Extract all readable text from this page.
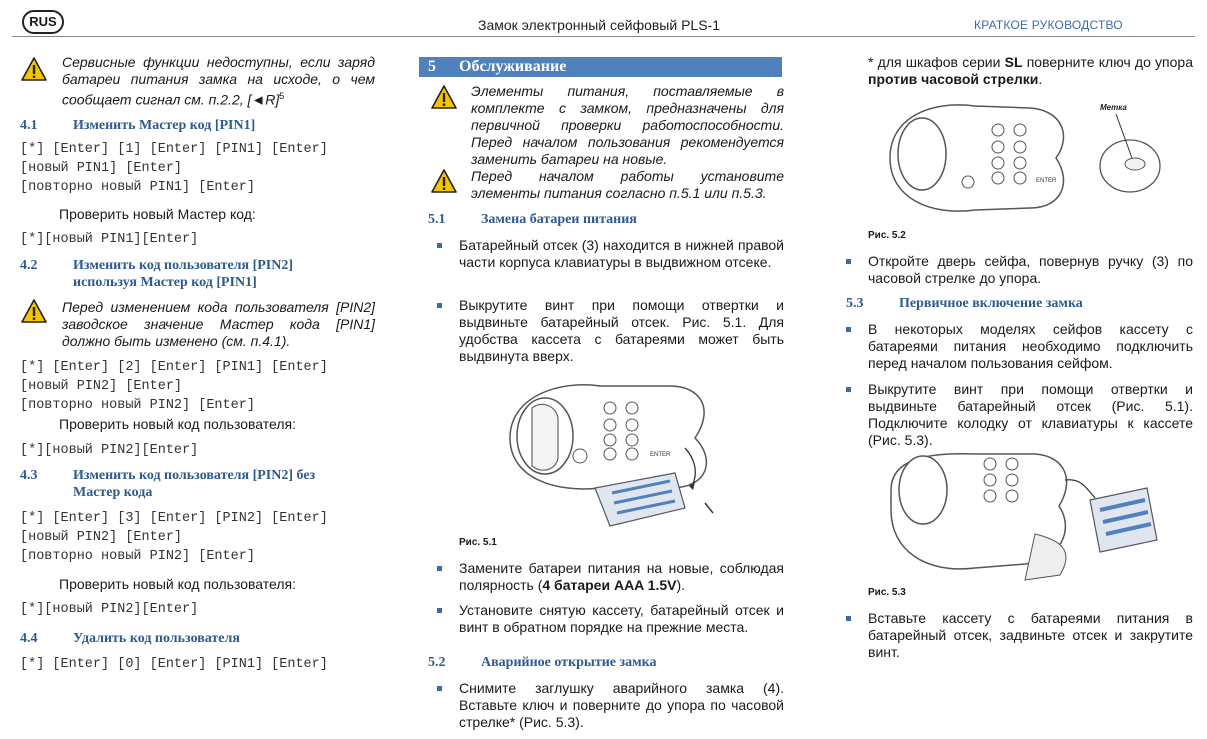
RUS	Замок электронный сейфовый PLS-1	КРАТКОЕ РУКОВОДСТВО
Сервисные функции недоступны, если заряд батареи питания замка на исходе, о чем сообщает сигнал см. п.2.2, [◄R]$^5$
4.1	Изменить Мастер код [PIN1]
[*] [Enter] [1] [Enter] [PIN1] [Enter]
[новый PIN1] [Enter]
[повторно новый PIN1] [Enter]
Проверить новый Мастер код:
[*][новый PIN1][Enter]
4.2	Изменить код пользователя [PIN2]
используя Мастер код [PIN1]
Перед изменением кода пользователя [PIN2] заводское значение Мастер кода [PIN1] должно быть изменено (см. п.4.1).
[*] [Enter] [2] [Enter] [PIN1] [Enter]
[новый PIN2] [Enter]
[повторно новый PIN2] [Enter]
Проверить новый код пользователя:
[*][новый PIN2][Enter]
4.3	Изменить код пользователя [PIN2] без
Мастер кода
[*] [Enter] [3] [Enter] [PIN2] [Enter]
[новый PIN2] [Enter]
[повторно новый PIN2] [Enter]
Проверить новый код пользователя:
[*][новый PIN2][Enter]
4.4	Удалить код пользователя
[*] [Enter] [0] [Enter] [PIN1] [Enter]
5 Обслуживание
Элементы питания, поставляемые в комплекте с замком, предназначены для первичной проверки работоспособности. Перед началом пользования рекомендуется заменить батареи на новые.
Перед началом работы установите элементы питания согласно п.5.1 или п.5.3.
5.1	Замена батареи питания
Батарейный отсек (3) находится в нижней правой части корпуса клавиатуры в выдвижном отсеке.
Выкрутите винт при помощи отвертки и выдвиньте батарейный отсек. Рис. 5.1. Для удобства кассета с батареями может быть выдвинута вверх.
ENTER
Рис. 5.1
Замените батареи питания на новые, соблюдая полярность (4 батареи AAA 1.5V).
Установите снятую кассету, батарейный отсек и винт в обратном порядке на прежние места.
5.2	Аварийное открытие замка
Снимите заглушку аварийного замка (4). Вставьте ключ и поверните до упора по часовой стрелке* (Рис. 5.3).
* для шкафов серии SL поверните ключ до упора против часовой стрелки.
ENTER
Метка
Рис. 5.2
Откройте дверь сейфа, повернув ручку (3) по часовой стрелке до упора.
5.3	Первичное включение замка
В некоторых моделях сейфов кассету с батареями питания необходимо подключить перед началом пользования сейфом.
Выкрутите винт при помощи отвертки и выдвиньте батарейный отсек (Рис. 5.1). Подключите колодку от клавиатуры к кассете (Рис. 5.3).
Рис. 5.3
Вставьте кассету с батареями питания в батарейный отсек, задвиньте отсек и закрутите винт.
